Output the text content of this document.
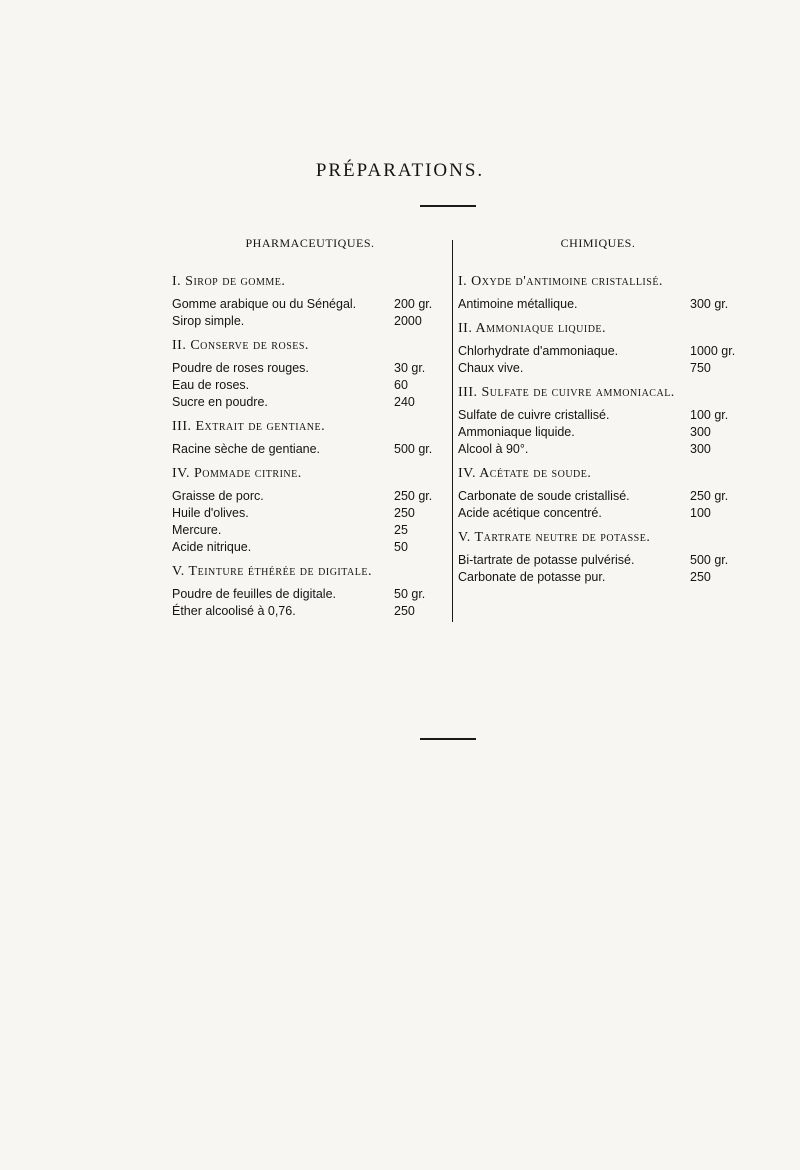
PRÉPARATIONS.
PHARMACEUTIQUES.
I. Sirop de gomme.
Gomme arabique ou du Sénégal.	200 gr.
Sirop simple.	2000
II. Conserve de roses.
Poudre de roses rouges.	30 gr.
Eau de roses.	60
Sucre en poudre.	240
III. Extrait de gentiane.
Racine sèche de gentiane.	500 gr.
IV. Pommade citrine.
Graisse de porc.	250 gr.
Huile d'olives.	250
Mercure.	25
Acide nitrique.	50
V. Teinture éthérée de digitale.
Poudre de feuilles de digitale.	50 gr.
Éther alcoolisé à 0,76.	250
CHIMIQUES.
I. Oxyde d'antimoine cristallisé.
Antimoine métallique.	300 gr.
II. Ammoniaque liquide.
Chlorhydrate d'ammoniaque.	1000 gr.
Chaux vive.	750
III. Sulfate de cuivre ammoniacal.
Sulfate de cuivre cristallisé.	100 gr.
Ammoniaque liquide.	300
Alcool à 90°.	300
IV. Acétate de soude.
Carbonate de soude cristallisé.	250 gr.
Acide acétique concentré.	100
V. Tartrate neutre de potasse.
Bi-tartrate de potasse pulvérisé.	500 gr.
Carbonate de potasse pur.	250
